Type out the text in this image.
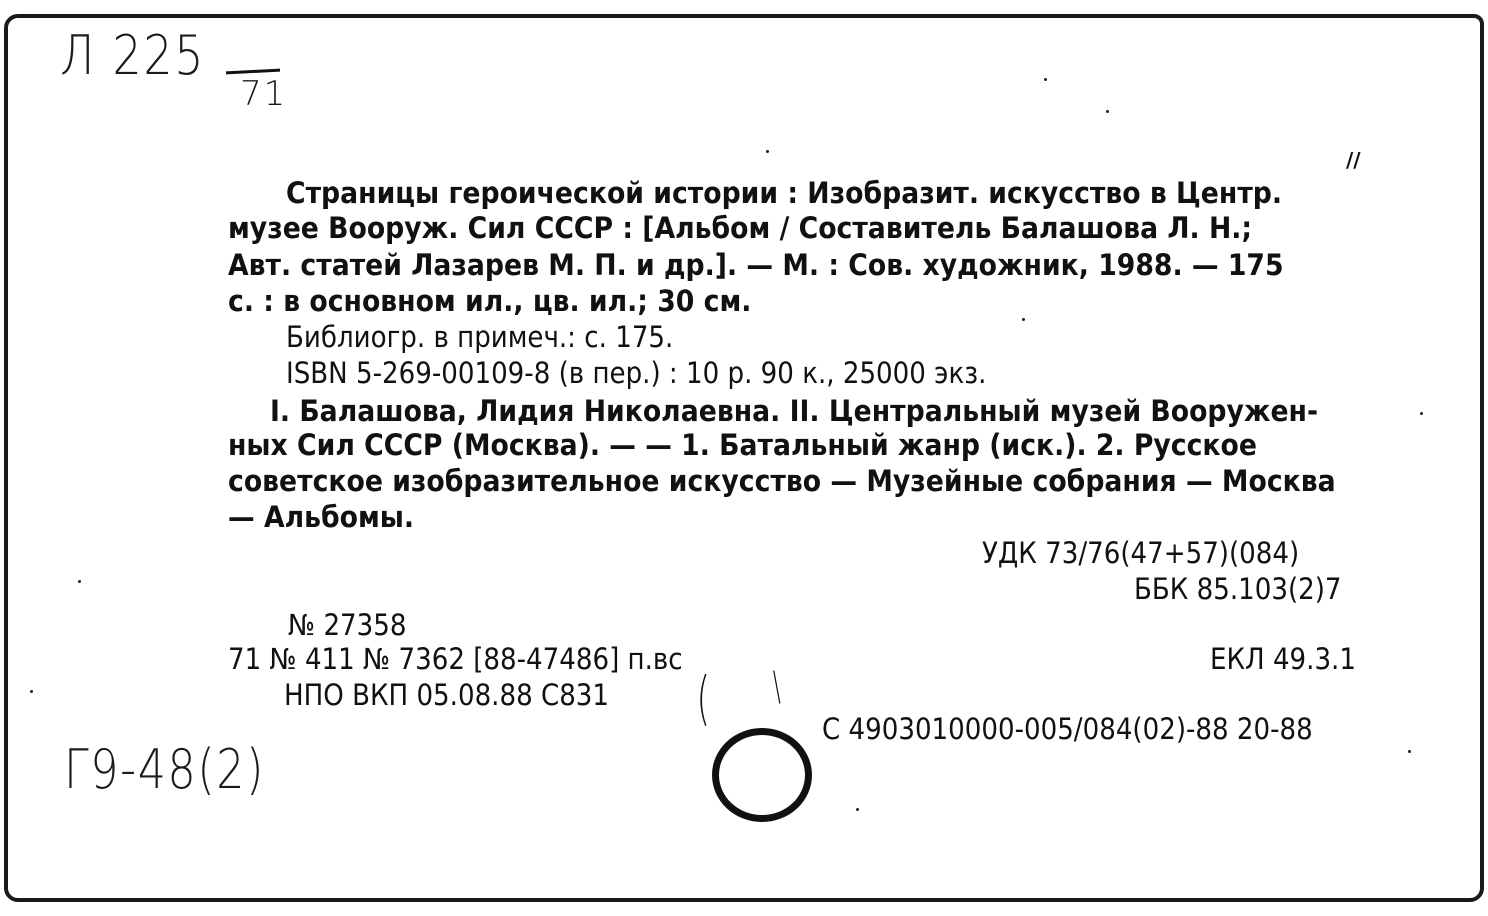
Л 225
71
//
Г9-48(2)
Страницы героической истории : Изобразит. искусство в Центр.
музее Вооруж. Сил СССР : [Альбом / Составитель Балашова Л. Н.;
Авт. статей Лазарев М. П. и др.]. — М. : Сов. художник, 1988. — 175
с. : в основном ил., цв. ил.; 30 см.
Библиогр. в примеч.: с. 175.
ISBN 5-269-00109-8 (в пер.) : 10 р. 90 к., 25000 экз.
I. Балашова, Лидия Николаевна. II. Центральный музей Вооружен-
ных Сил СССР (Москва). — — 1. Батальный жанр (иск.). 2. Русское
советское изобразительное искусство — Музейные собрания — Москва
— Альбомы.
УДК 73/76(47+57)(084)
ББК 85.103(2)7
ЕКЛ 49.3.1
С 4903010000-005/084(02)-88 20-88
№ 27358
71 № 411 № 7362 [88-47486] п.вс
НПО ВКП 05.08.88 С831 ( \
